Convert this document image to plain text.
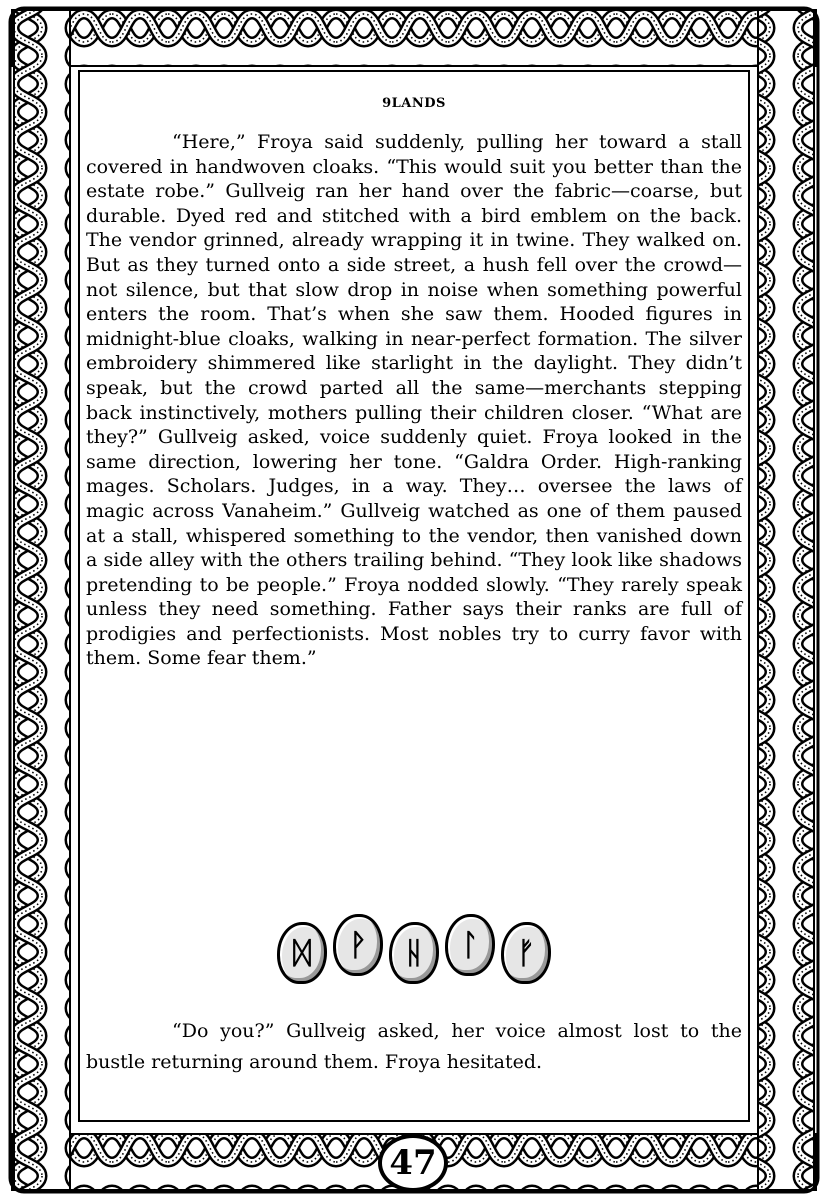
9LANDS

“Here,” Froya said suddenly, pulling her toward a stall covered in handwoven cloaks. “This would suit you better than the estate robe.” Gullveig ran her hand over the fabric—coarse, but durable. Dyed red and stitched with a bird emblem on the back. The vendor grinned, already wrapping it in twine. They walked on. But as they turned onto a side street, a hush fell over the crowd—not silence, but that slow drop in noise when something powerful enters the room. That’s when she saw them. Hooded figures in midnight-blue cloaks, walking in near-perfect formation. The silver embroidery shimmered like starlight in the daylight. They didn’t speak, but the crowd parted all the same—merchants stepping back instinctively, mothers pulling their children closer. “What are they?” Gullveig asked, voice suddenly quiet. Froya looked in the same direction, lowering her tone. “Galdra Order. High-ranking mages. Scholars. Judges, in a way. They… oversee the laws of magic across Vanaheim.” Gullveig watched as one of them paused at a stall, whispered something to the vendor, then vanished down a side alley with the others trailing behind. “They look like shadows pretending to be people.” Froya nodded slowly. “They rarely speak unless they need something. Father says their ranks are full of prodigies and perfectionists. Most nobles try to curry favor with them. Some fear them.”

ᛞ	ᚹ	ᚺ	ᛚ	ᚠ

“Do you?” Gullveig asked, her voice almost lost to the bustle returning around them. Froya hesitated.

47
